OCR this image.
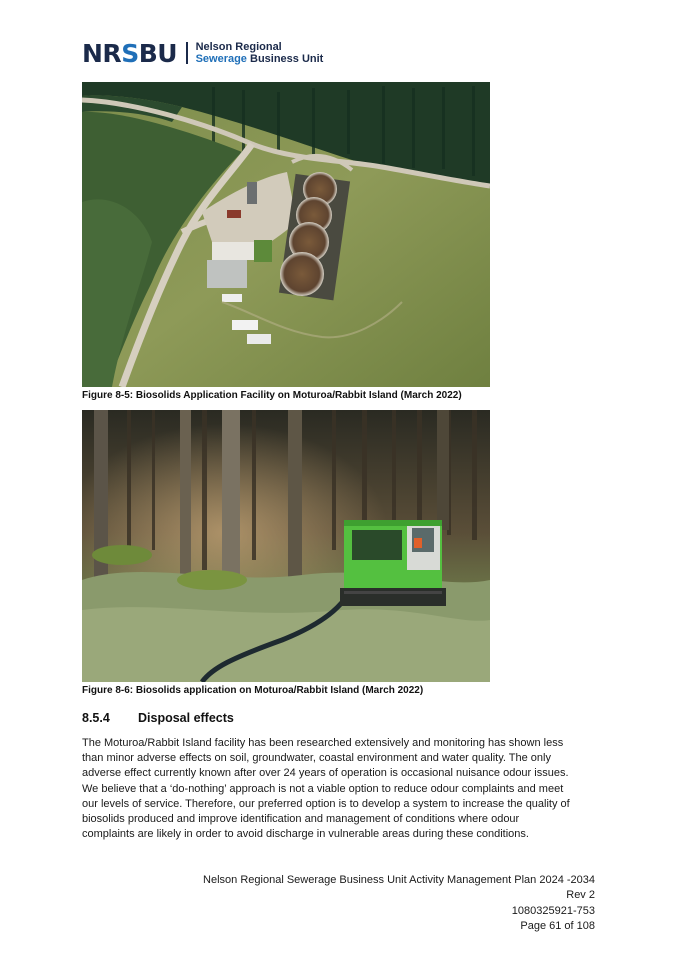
NRSBU Nelson Regional
Sewerage Business Unit
Figure 8-5: Biosolids Application Facility on Moturoa/Rabbit Island (March 2022)
Figure 8-6: Biosolids application on Moturoa/Rabbit Island (March 2022)
8.5.4 Disposal effects
The Moturoa/Rabbit Island facility has been researched extensively and monitoring has shown less
than minor adverse effects on soil, groundwater, coastal environment and water quality. The only
adverse effect currently known after over 24 years of operation is occasional nuisance odour issues.
We believe that a ‘do-nothing’ approach is not a viable option to reduce odour complaints and meet
our levels of service. Therefore, our preferred option is to develop a system to increase the quality of
biosolids produced and improve identification and management of conditions where odour
complaints are likely in order to avoid discharge in vulnerable areas during these conditions.
Nelson Regional Sewerage Business Unit Activity Management Plan 2024 -2034
Rev 2
1080325921-753
Page 61 of 108
